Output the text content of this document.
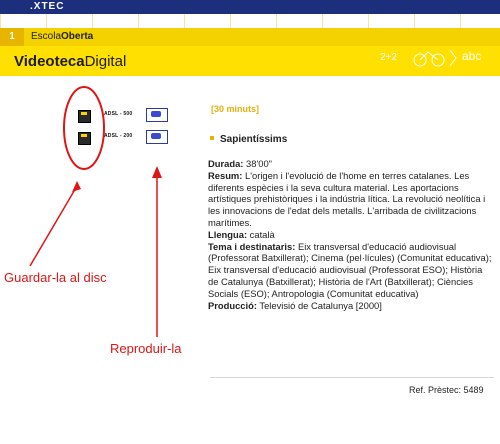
.XTEC
1	EscolaOberta
VideotecaDigital	2+2	abc
ADSL - 500
ADSL - 200
[30 minuts]
Sapientíssims
Durada: 38'00"
Resum: L'origen i l'evolució de l'home en terres catalanes. Les diferents espècies i la seva cultura material. Les aportacions artístiques prehistòriques i la indústria lítica. La revolució neolítica i les innovacions de l'edat dels metalls. L'arribada de civilitzacions marítimes.
Llengua: català
Tema i destinataris: Eix transversal d'educació audiovisual (Professorat Batxillerat); Cinema (pel·lícules) (Comunitat educativa); Eix transversal d'educació audiovisual (Professorat ESO); Història de Catalunya (Batxillerat); Història de l'Art (Batxillerat); Ciències Socials (ESO); Antropologia (Comunitat educativa)
Producció: Televisió de Catalunya [2000]
Ref. Prèstec: 5489
Guardar-la al disc
Reproduir-la
